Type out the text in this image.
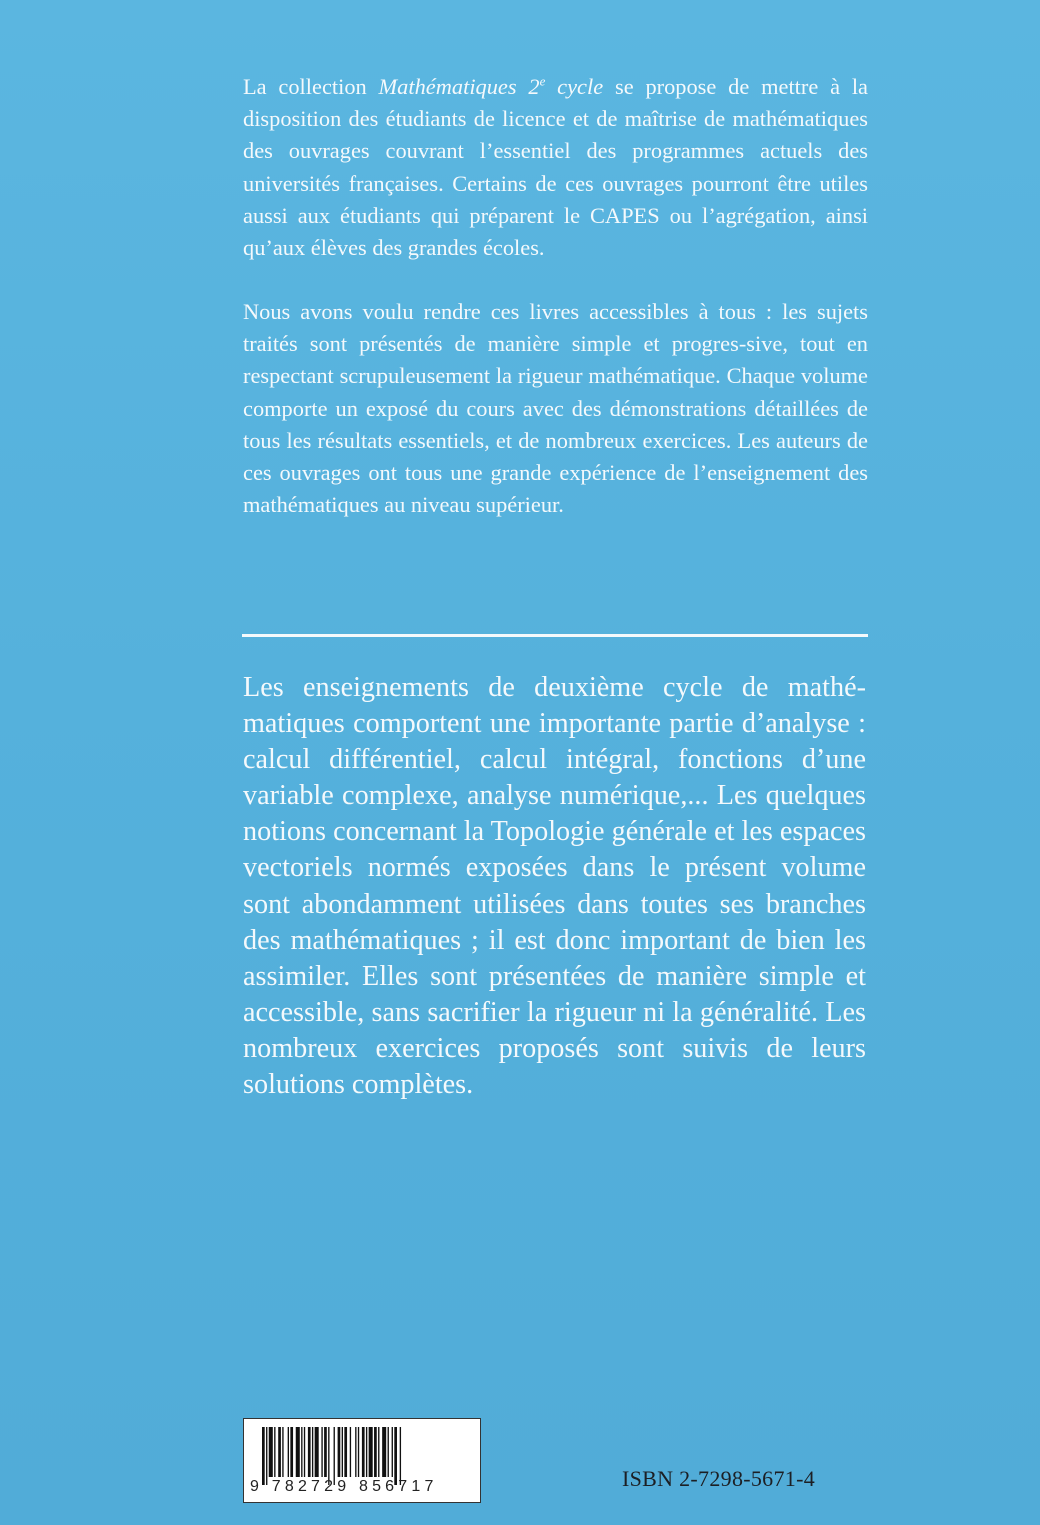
La collection Mathématiques 2e cycle se propose de mettre à la disposition des étudiants de licence et de maîtrise de mathématiques des ouvrages couvrant l’essentiel des programmes actuels des universités françaises. Certains de ces ouvrages pourront être utiles aussi aux étudiants qui préparent le CAPES ou l’agrégation, ainsi qu’aux élèves des grandes écoles.

Nous avons voulu rendre ces livres accessibles à tous : les sujets traités sont présentés de manière simple et progres-sive, tout en respectant scrupuleusement la rigueur mathématique. Chaque volume comporte un exposé du cours avec des démonstrations détaillées de tous les résultats essentiels, et de nombreux exercices. Les auteurs de ces ouvrages ont tous une grande expérience de l’enseignement des mathématiques au niveau supérieur.

Les enseignements de deuxième cycle de mathé-matiques comportent une importante partie d’analyse : calcul différentiel, calcul intégral, fonctions d’une variable complexe, analyse numérique,... Les quelques notions concernant la Topologie générale et les espaces vectoriels normés exposées dans le présent volume sont abondamment utilisées dans toutes ses branches des mathématiques ; il est donc important de bien les assimiler. Elles sont présentées de manière simple et accessible, sans sacrifier la rigueur ni la généralité. Les nombreux exercices proposés sont suivis de leurs solutions complètes.

9 782729 856717	ISBN 2-7298-5671-4
